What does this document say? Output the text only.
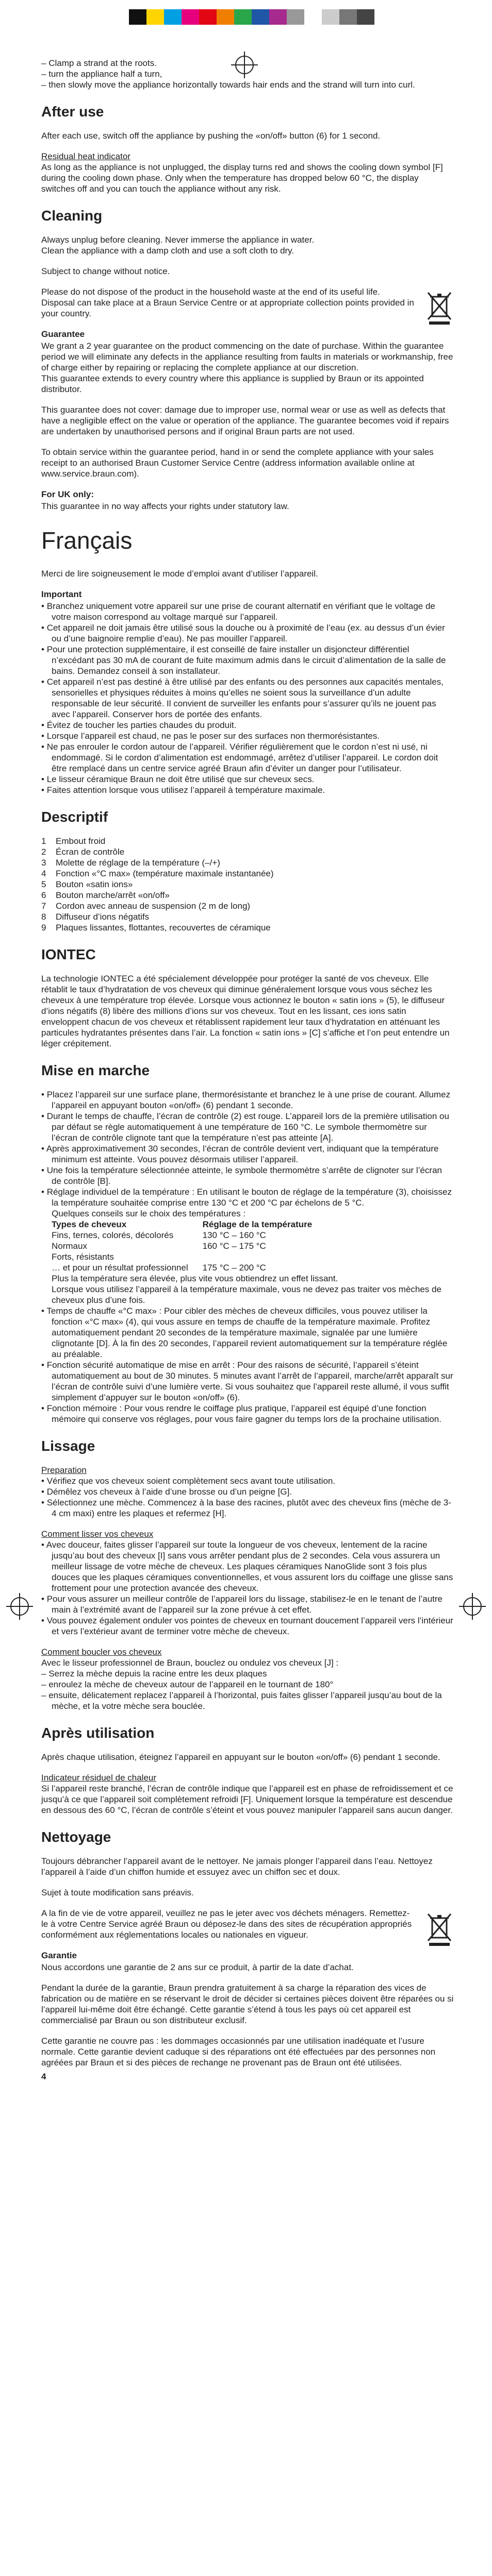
– Clamp a strand at the roots.
– turn the appliance half a turn,
– then slowly move the appliance horizontally towards hair ends and the strand will turn into curl.
After use

After each use, switch off the appliance by pushing the «on/off» button (6) for 1 second.

Residual heat indicator

As long as the appliance is not unplugged, the display turns red and shows the cooling down symbol [F] during the cooling down phase. Only when the temperature has dropped below 60 °C, the display switches off and you can touch the appliance without any risk.

Cleaning

Always unplug before cleaning. Never immerse the appliance in water.

Clean the appliance with a damp cloth and use a soft cloth to dry.

Subject to change without notice.

Please do not dispose of the product in the household waste at the end of its useful life. Disposal can take place at a Braun Service Centre or at appropriate collection points provided in your country.

Guarantee

We grant a 2 year guarantee on the product commencing on the date of purchase. Within the guarantee period we will eliminate any defects in the appliance resulting from faults in materials or workmanship, free of charge either by repairing or replacing the complete appliance at our discretion.

This guarantee extends to every country where this appliance is supplied by Braun or its appointed distributor.

This guarantee does not cover: damage due to improper use, normal wear or use as well as defects that have a negligible effect on the value or operation of the appliance. The guarantee becomes void if repairs are undertaken by unauthorised persons and if original Braun parts are not used.

To obtain service within the guarantee period, hand in or send the complete appliance with your sales receipt to an authorised Braun Customer Service Centre (address information available online at www.service.braun.com).

For UK only:

This guarantee in no way affects your rights under statutory law.

Français

Merci de lire soigneusement le mode d’emploi avant d’utiliser l’appareil.

Important
• Branchez uniquement votre appareil sur une prise de courant alternatif en vérifiant que le voltage de votre maison correspond au voltage marqué sur l’appareil.
• Cet appareil ne doit jamais être utilisé sous la douche ou à proximité de l’eau (ex. au dessus d’un évier ou d’une baignoire remplie d’eau). Ne pas mouiller l’appareil.
• Pour une protection supplémentaire, il est conseillé de faire installer un disjoncteur différentiel n’excédant pas 30 mA de courant de fuite maximum admis dans le circuit d’alimentation de la salle de bains. Demandez conseil à son installateur.
• Cet appareil n’est pas destiné à être utilisé par des enfants ou des personnes aux capacités mentales, sensorielles et physiques réduites à moins qu’elles ne soient sous la surveillance d’un adulte responsable de leur sécurité. Il convient de surveiller les enfants pour s’assurer qu’ils ne jouent pas avec l’appareil. Conserver hors de portée des enfants.
• Évitez de toucher les parties chaudes du produit.
• Lorsque l’appareil est chaud, ne pas le poser sur des surfaces non thermorésistantes.
• Ne pas enrouler le cordon autour de l’appareil. Vérifier régulièrement que le cordon n’est ni usé, ni endommagé. Si le cordon d’alimentation est endommagé, arrêtez d’utiliser l’appareil. Le cordon doit être remplacé dans un centre service agréé Braun afin d’éviter un danger pour l’utilisateur.
• Le lisseur céramique Braun ne doit être utilisé que sur cheveux secs.
• Faites attention lorsque vous utilisez l’appareil à température maximale.
Descriptif
1 Embout froid
2 Écran de contrôle
3 Molette de réglage de la température (–/+)
4 Fonction «°C max» (température maximale instantanée)
5 Bouton «satin ions»
6 Bouton marche/arrêt «on/off»
7 Cordon avec anneau de suspension (2 m de long)
8 Diffuseur d’ions négatifs
9 Plaques lissantes, flottantes, recouvertes de céramique
IONTEC

La technologie IONTEC a été spécialement développée pour protéger la santé de vos cheveux. Elle rétablit le taux d’hydratation de vos cheveux qui diminue généralement lorsque vous vous séchez les cheveux à une température trop élevée. Lorsque vous actionnez le bouton « satin ions » (5), le diffuseur d’ions négatifs (8) libère des millions d’ions sur vos cheveux. Tout en les lissant, ces ions satin enveloppent chacun de vos cheveux et rétablissent rapidement leur taux d’hydratation en atténuant les particules hydratantes présentes dans l’air. La fonction « satin ions » [C] s’affiche et l’on peut entendre un léger crépitement.

Mise en marche
• Placez l’appareil sur une surface plane, thermorésistante et branchez le à une prise de courant. Allumez l’appareil en appuyant bouton «on/off» (6) pendant 1 seconde.
• Durant le temps de chauffe, l’écran de contrôle (2) est rouge. L’appareil lors de la première utilisation ou par défaut se règle automatiquement à une température de 160 °C. Le symbole thermomètre sur l’écran de contrôle clignote tant que la température n’est pas atteinte [A].
• Après approximativement 30 secondes, l’écran de contrôle devient vert, indiquant que la température minimum est atteinte. Vous pouvez désormais utiliser l’appareil.
• Une fois la température sélectionnée atteinte, le symbole thermomètre s’arrête de clignoter sur l’écran de contrôle [B].
• Réglage individuel de la température : En utilisant le bouton de réglage de la température (3), choisissez la température souhaitée comprise entre 130 °C et 200 °C par échelons de 5 °C.

Quelques conseils sur le choix des températures :

Types de cheveux	Réglage de la température
Fins, ternes, colorés, décolorés	130 °C – 160 °C
Normaux	160 °C – 175 °C
Forts, résistants	
… et pour un résultat professionnel	175 °C – 200 °C

Plus la température sera élevée, plus vite vous obtiendrez un effet lissant.

Lorsque vous utilisez l’appareil à la température maximale, vous ne devez pas traiter vos mèches de cheveux plus d’une fois.

• Temps de chauffe «°C max» : Pour cibler des mèches de cheveux difficiles, vous pouvez utiliser la fonction «°C max» (4), qui vous assure en temps de chauffe de la température maximale. Profitez automatiquement pendant 20 secondes de la température maximale, signalée par une lumière clignotante [D]. À la fin des 20 secondes, l’appareil revient automatiquement sur la température réglée au préalable.
• Fonction sécurité automatique de mise en arrêt : Pour des raisons de sécurité, l’appareil s’éteint automatiquement au bout de 30 minutes. 5 minutes avant l’arrêt de l’appareil, marche/arrêt apparaît sur l’écran de contrôle suivi d’une lumière verte. Si vous souhaitez que l’appareil reste allumé, il vous suffit simplement d’appuyer sur le bouton «on/off» (6).
• Fonction mémoire : Pour vous rendre le coiffage plus pratique, l’appareil est équipé d’une fonction mémoire qui conserve vos réglages, pour vous faire gagner du temps lors de la prochaine utilisation.
Lissage
Preparation
• Vérifiez que vos cheveux soient complètement secs avant toute utilisation.
• Démêlez vos cheveux à l’aide d’une brosse ou d’un peigne [G].
• Sélectionnez une mèche. Commencez à la base des racines, plutôt avec des cheveux fins (mèche de 3-4 cm maxi) entre les plaques et refermez [H].
Comment lisser vos cheveux
• Avec douceur, faites glisser l’appareil sur toute la longueur de vos cheveux, lentement de la racine jusqu’au bout des cheveux [I] sans vous arrêter pendant plus de 2 secondes. Cela vous assurera un meilleur lissage de votre mèche de cheveux. Les plaques céramiques NanoGlide sont 3 fois plus douces que les plaques céramiques conventionnelles, et vous assurent lors du coiffage une glisse sans frottement pour une protection avancée des cheveux.
• Pour vous assurer un meilleur contrôle de l’appareil lors du lissage, stabilisez-le en le tenant de l’autre main à l’extrémité avant de l’appareil sur la zone prévue à cet effet.
• Vous pouvez également onduler vos pointes de cheveux en tournant doucement l’appareil vers l’intérieur et vers l’extérieur avant de terminer votre mèche de cheveux.
Comment boucler vos cheveux

Avec le lisseur professionnel de Braun, bouclez ou ondulez vos cheveux [J] :

– Serrez la mèche depuis la racine entre les deux plaques
– enroulez la mèche de cheveux autour de l’appareil en le tournant de 180°
– ensuite, délicatement replacez l’appareil à l’horizontal, puis faites glisser l’appareil jusqu’au bout de la mèche, et la votre mèche sera bouclée.
Après utilisation

Après chaque utilisation, éteignez l’appareil en appuyant sur le bouton «on/off» (6) pendant 1 seconde.

Indicateur résiduel de chaleur

Si l’appareil reste branché, l’écran de contrôle indique que l’appareil est en phase de refroidissement et ce jusqu’à ce que l’appareil soit complètement refroidi [F]. Uniquement lorsque la température est descendue en dessous des 60 °C, l’écran de contrôle s’éteint et vous pouvez manipuler l’appareil sans aucun danger.

Nettoyage

Toujours débrancher l’appareil avant de le nettoyer. Ne jamais plonger l’appareil dans l’eau. Nettoyez l’appareil à l’aide d’un chiffon humide et essuyez avec un chiffon sec et doux.

Sujet à toute modification sans préavis.

A la fin de vie de votre appareil, veuillez ne pas le jeter avec vos déchets ménagers. Remettez-le à votre Centre Service agréé Braun ou déposez-le dans des sites de récupération appropriés conformément aux réglementations locales ou nationales en vigueur.

Garantie

Nous accordons une garantie de 2 ans sur ce produit, à partir de la date d’achat.

Pendant la durée de la garantie, Braun prendra gratuitement à sa charge la réparation des vices de fabrication ou de matière en se réservant le droit de décider si certaines pièces doivent être réparées ou si l’appareil lui-même doit être échangé. Cette garantie s’étend à tous les pays où cet appareil est commercialisé par Braun ou son distributeur exclusif.

Cette garantie ne couvre pas : les dommages occasionnés par une utilisation inadéquate et l’usure normale. Cette garantie devient caduque si des réparations ont été effectuées par des personnes non agréées par Braun et si des pièces de rechange ne provenant pas de Braun ont été utilisées.

4
